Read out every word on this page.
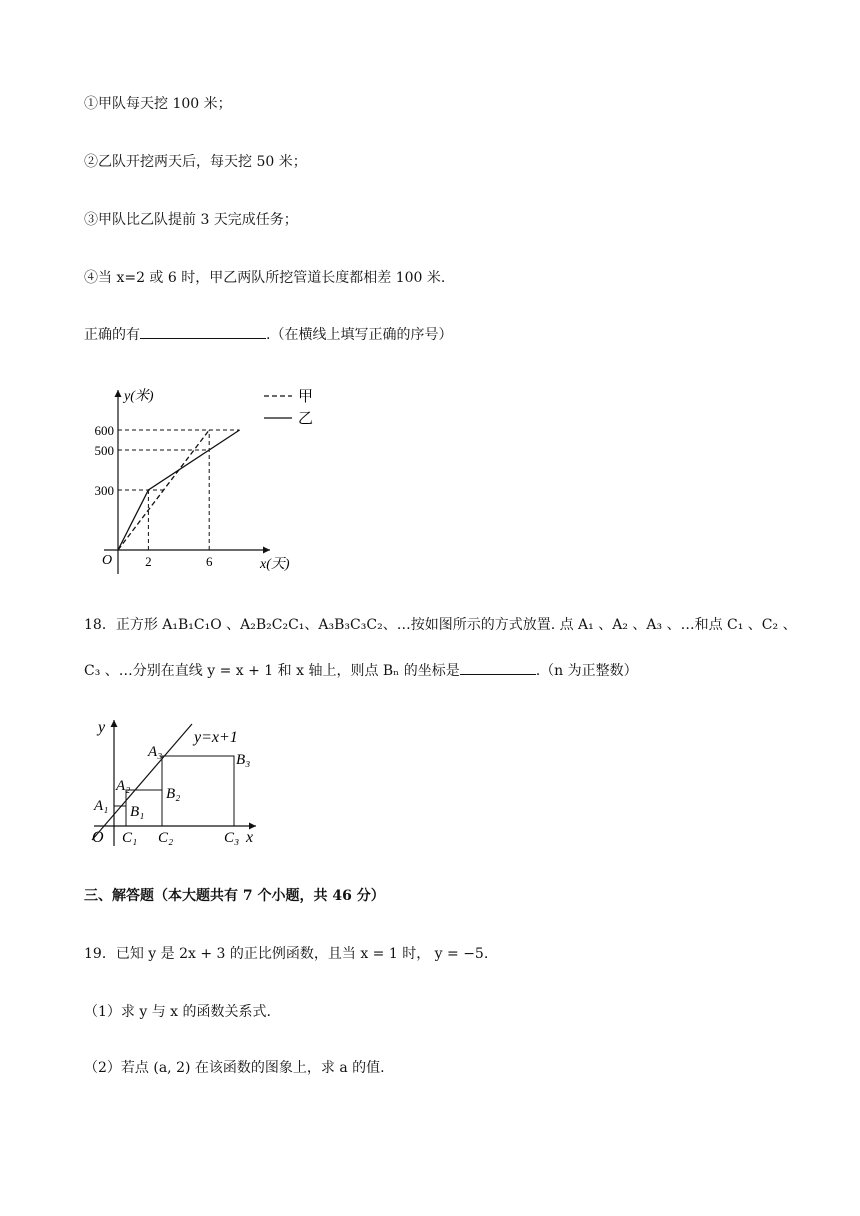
①甲队每天挖 100 米；
②乙队开挖两天后，每天挖 50 米；
③甲队比乙队提前 3 天完成任务；
④当 x=2 或 6 时，甲乙两队所挖管道长度都相差 100 米.
正确的有	.（在横线上填写正确的序号）
y(米)
x(天)
O
300
500
600
2	6
甲
乙
18．正方形 A₁B₁C₁O 、A₂B₂C₂C₁、A₃B₃C₃C₂、…按如图所示的方式放置. 点 A₁ 、A₂ 、A₃ 、…和点 C₁ 、C₂ 、
C₃ 、…分别在直线 y = x + 1 和 x 轴上，则点 Bₙ 的坐标是	.（n 为正整数）
y=x+1
y
x
O
A₁
A₂
A₃
B₁
B₂
B₃
C₁ C₂	C₃
三、解答题（本大题共有 7 个小题，共 46 分）
19．已知 y 是 2x + 3 的正比例函数，且当 x = 1 时， y = −5.
（1）求 y 与 x 的函数关系式.
（2）若点 (a, 2) 在该函数的图象上，求 a 的值.
